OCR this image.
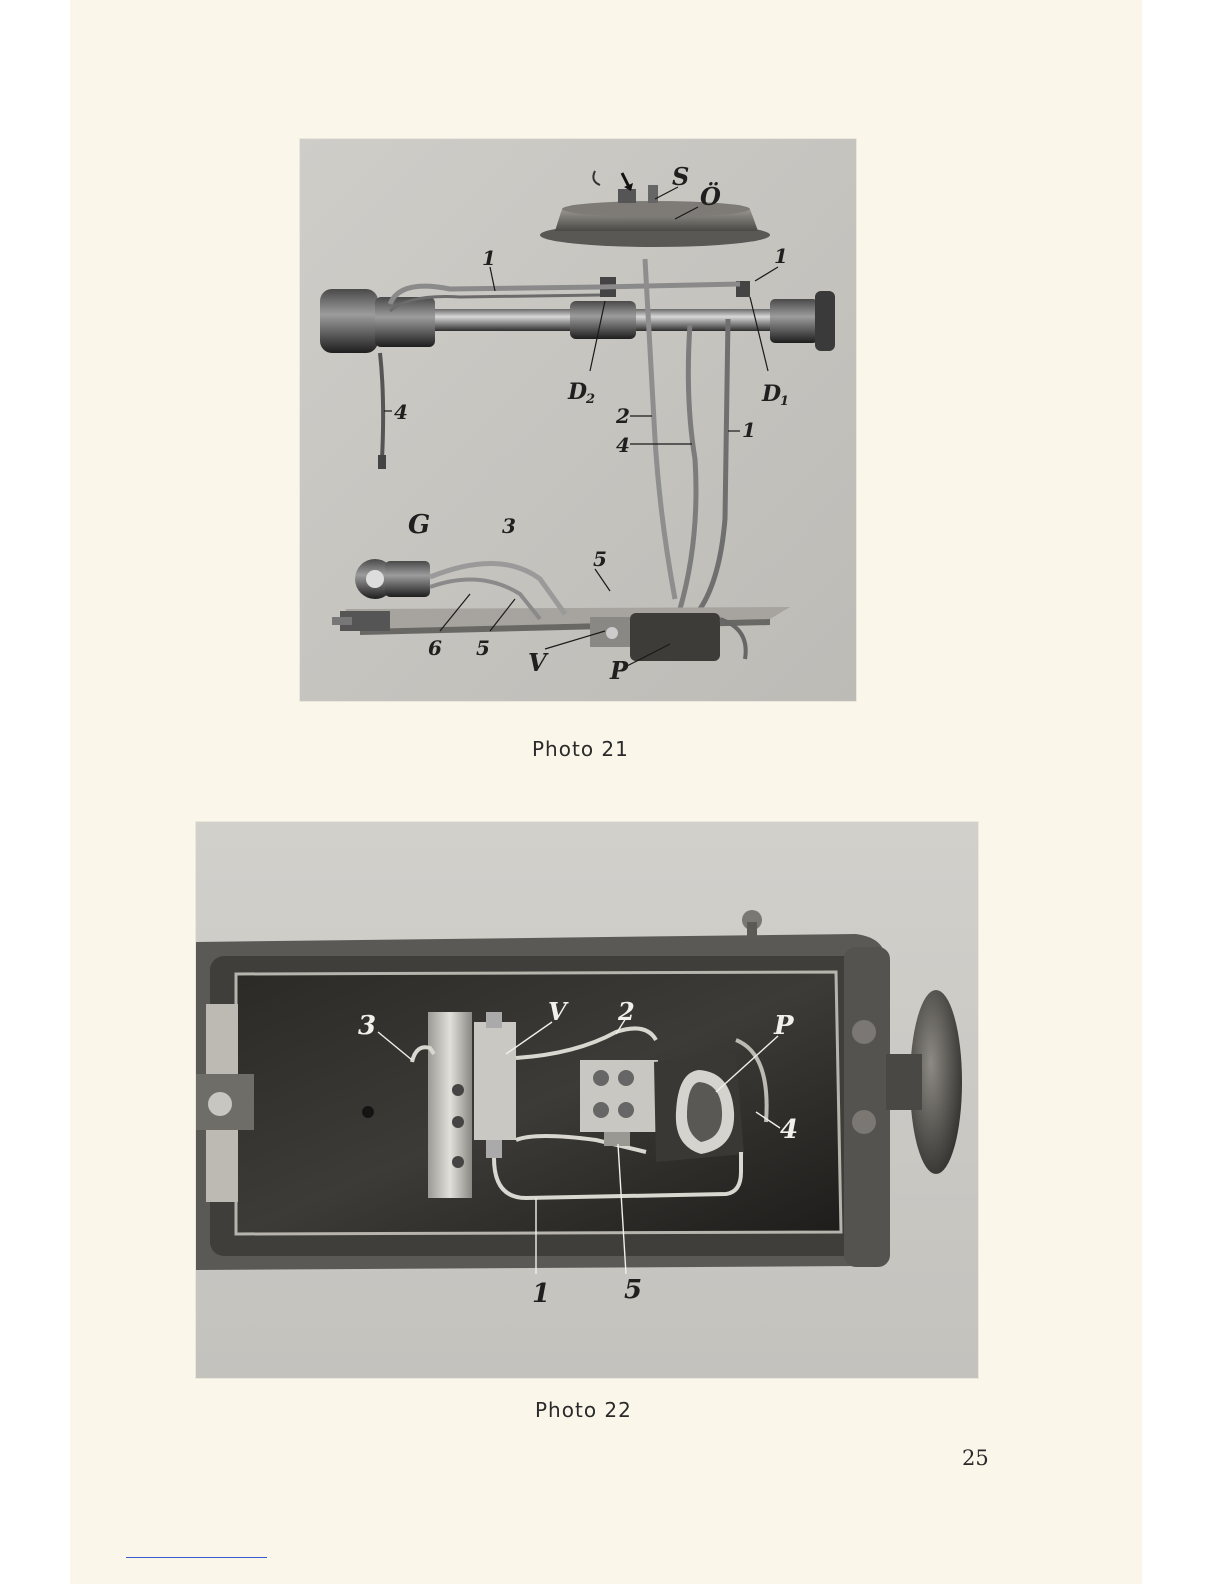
S
Ö
1	1
D
2	D
1
4	2
4
1
G	3
5
6 5 V	P
Photo 21
3	V 2	P
4
1	5
Photo 22
25
